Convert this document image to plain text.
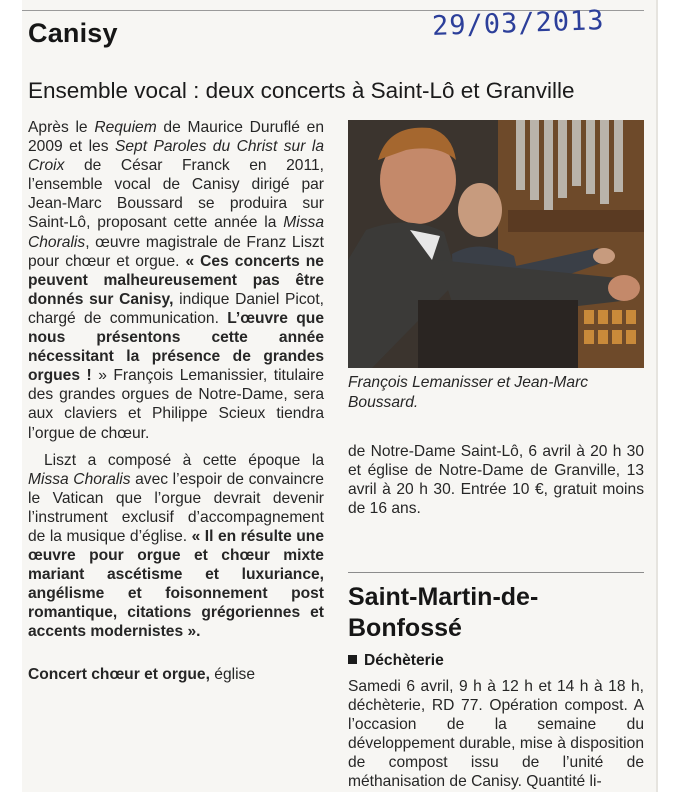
Canisy	29/03/2013
Ensemble vocal : deux concerts à Saint-Lô et Granville

Après le Requiem de Maurice Duruflé en 2009 et les Sept Paroles du Christ sur la Croix de César Franck en 2011, l’ensemble vocal de Canisy dirigé par Jean-Marc Boussard se produira sur Saint-Lô, proposant cette année la Missa Choralis, œuvre magistrale de Franz Liszt pour chœur et orgue. « Ces concerts ne peuvent malheureusement pas être donnés sur Canisy, indique Daniel Picot, chargé de communication. L’œuvre que nous présentons cette année nécessitant la présence de grandes orgues ! » François Lemanissier, titulaire des grandes orgues de Notre-Dame, sera aux claviers et Philippe Scieux tiendra l’orgue de chœur.

Liszt a composé à cette époque la Missa Choralis avec l’espoir de convaincre le Vatican que l’orgue devrait devenir l’instrument exclusif d’accompagnement de la musique d’église. « Il en résulte une œuvre pour orgue et chœur mixte mariant ascétisme et luxuriance, angélisme et foisonnement post romantique, citations grégoriennes et accents modernistes ».

Concert chœur et orgue, église

François Lemanisser et Jean-Marc Boussard.

de Notre-Dame Saint-Lô, 6 avril à 20 h 30 et église de Notre-Dame de Granville, 13 avril à 20 h 30. Entrée 10 €, gratuit moins de 16 ans.

Saint-Martin-de-Bonfossé
Déchèterie

Samedi 6 avril, 9 h à 12 h et 14 h à 18 h, déchèterie, RD 77. Opération compost. A l’occasion de la semaine du développement durable, mise à disposition de compost issu de l’unité de méthanisation de Canisy. Quantité li-
